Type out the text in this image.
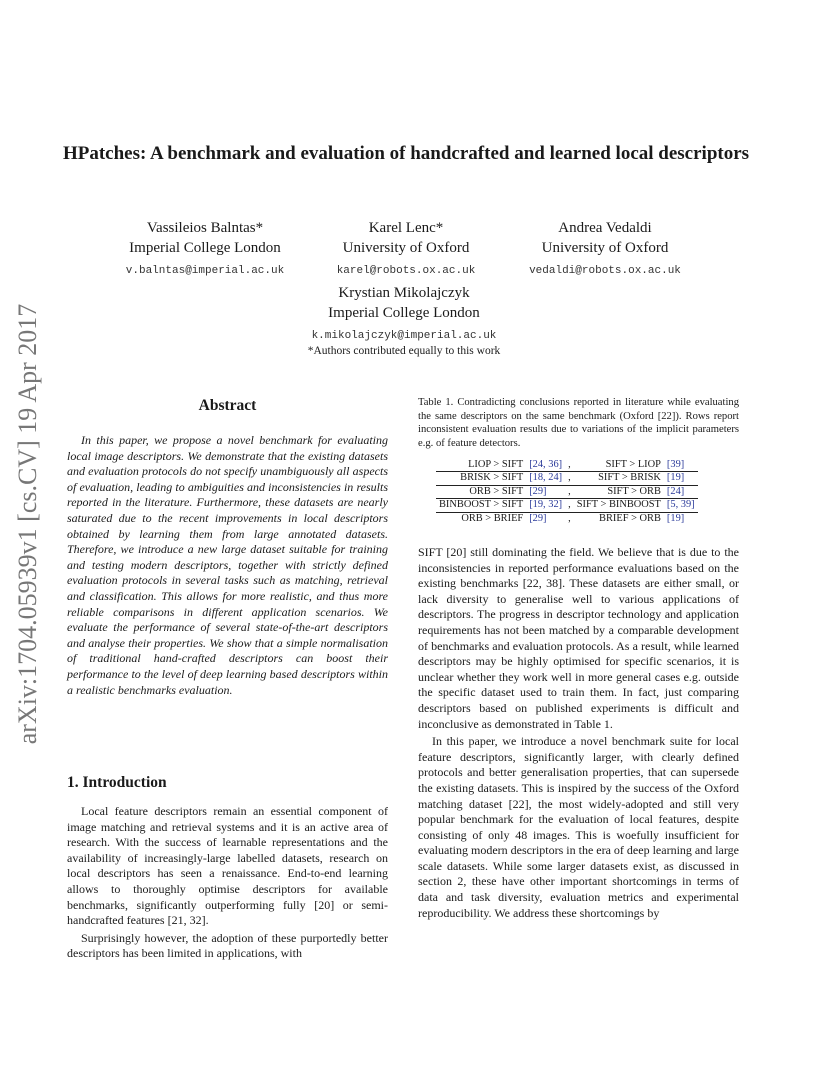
arXiv:1704.05939v1 [cs.CV] 19 Apr 2017
HPatches: A benchmark and evaluation of handcrafted and learned local descriptors
Vassileios Balntas*
Imperial College London
v.balntas@imperial.ac.uk
Karel Lenc*
University of Oxford
karel@robots.ox.ac.uk
Andrea Vedaldi
University of Oxford
vedaldi@robots.ox.ac.uk
Krystian Mikolajczyk
Imperial College London
k.mikolajczyk@imperial.ac.uk
*Authors contributed equally to this work
Abstract
In this paper, we propose a novel benchmark for evaluating local image descriptors. We demonstrate that the existing datasets and evaluation protocols do not specify unambiguously all aspects of evaluation, leading to ambiguities and inconsistencies in results reported in the literature. Furthermore, these datasets are nearly saturated due to the recent improvements in local descriptors obtained by learning them from large annotated datasets. Therefore, we introduce a new large dataset suitable for training and testing modern descriptors, together with strictly defined evaluation protocols in several tasks such as matching, retrieval and classification. This allows for more realistic, and thus more reliable comparisons in different application scenarios. We evaluate the performance of several state-of-the-art descriptors and analyse their properties. We show that a simple normalisation of traditional hand-crafted descriptors can boost their performance to the level of deep learning based descriptors within a realistic benchmarks evaluation.
1. Introduction

Local feature descriptors remain an essential component of image matching and retrieval systems and it is an active area of research. With the success of learnable representations and the availability of increasingly-large labelled datasets, research on local descriptors has seen a renaissance. End-to-end learning allows to thoroughly optimise descriptors for available benchmarks, significantly outperforming fully [20] or semi-handcrafted features [21, 32].

Surprisingly however, the adoption of these purportedly better descriptors has been limited in applications, with

Table 1. Contradicting conclusions reported in literature while evaluating the same descriptors on the same benchmark (Oxford [22]). Rows report inconsistent evaluation results due to variations of the implicit parameters e.g. of feature detectors.
LIOP > SIFT	[24, 36]	,	SIFT > LIOP	[39]
BRISK > SIFT	[18, 24]	,	SIFT > BRISK	[19]
ORB > SIFT	[29]	,	SIFT > ORB	[24]
BINBOOST > SIFT	[19, 32]	,	SIFT > BINBOOST	[5, 39]
ORB > BRIEF	[29]	,	BRIEF > ORB	[19]

SIFT [20] still dominating the field. We believe that is due to the inconsistencies in reported performance evaluations based on the existing benchmarks [22, 38]. These datasets are either small, or lack diversity to generalise well to various applications of descriptors. The progress in descriptor technology and application requirements has not been matched by a comparable development of benchmarks and evaluation protocols. As a result, while learned descriptors may be highly optimised for specific scenarios, it is unclear whether they work well in more general cases e.g. outside the specific dataset used to train them. In fact, just comparing descriptors based on published experiments is difficult and inconclusive as demonstrated in Table 1.

In this paper, we introduce a novel benchmark suite for local feature descriptors, significantly larger, with clearly defined protocols and better generalisation properties, that can supersede the existing datasets. This is inspired by the success of the Oxford matching dataset [22], the most widely-adopted and still very popular benchmark for the evaluation of local features, despite consisting of only 48 images. This is woefully insufficient for evaluating modern descriptors in the era of deep learning and large scale datasets. While some larger datasets exist, as discussed in section 2, these have other important shortcomings in terms of data and task diversity, evaluation metrics and experimental reproducibility. We address these shortcomings by
